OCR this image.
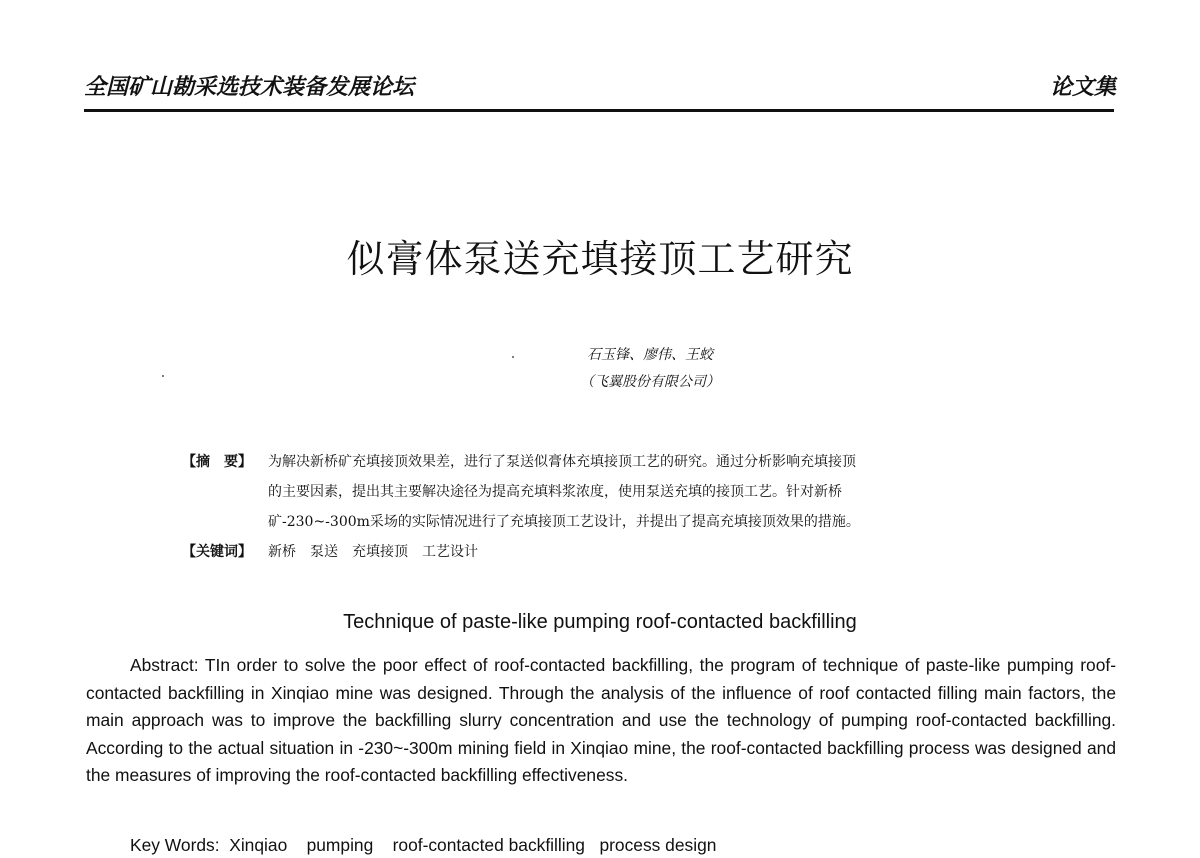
全国矿山勘采选技术装备发展论坛	论文集
似膏体泵送充填接顶工艺研究
石玉锋、廖伟、王蛟
（飞翼股份有限公司）
【摘　要】 为解决新桥矿充填接顶效果差，进行了泵送似膏体充填接顶工艺的研究。通过分析影响充填接顶
的主要因素，提出其主要解决途径为提高充填料浆浓度，使用泵送充填的接顶工艺。针对新桥
矿-230~-300m采场的实际情况进行了充填接顶工艺设计，并提出了提高充填接顶效果的措施。
【关键词】 新桥　泵送　充填接顶　工艺设计
Technique of paste-like pumping roof-contacted backfilling

Abstract: TIn order to solve the poor effect of roof-contacted backfilling, the program of technique of paste-like pumping roof-contacted backfilling in Xinqiao mine was designed. Through the analysis of the influence of roof contacted filling main factors, the main approach was to improve the backfilling slurry concentration and use the technology of pumping roof-contacted backfilling. According to the actual situation in -230~-300m mining field in Xinqiao mine, the roof-contacted backfilling process was designed and the measures of improving the roof-contacted backfilling effectiveness.

Key Words:  Xinqiao    pumping    roof-contacted backfilling   process design
